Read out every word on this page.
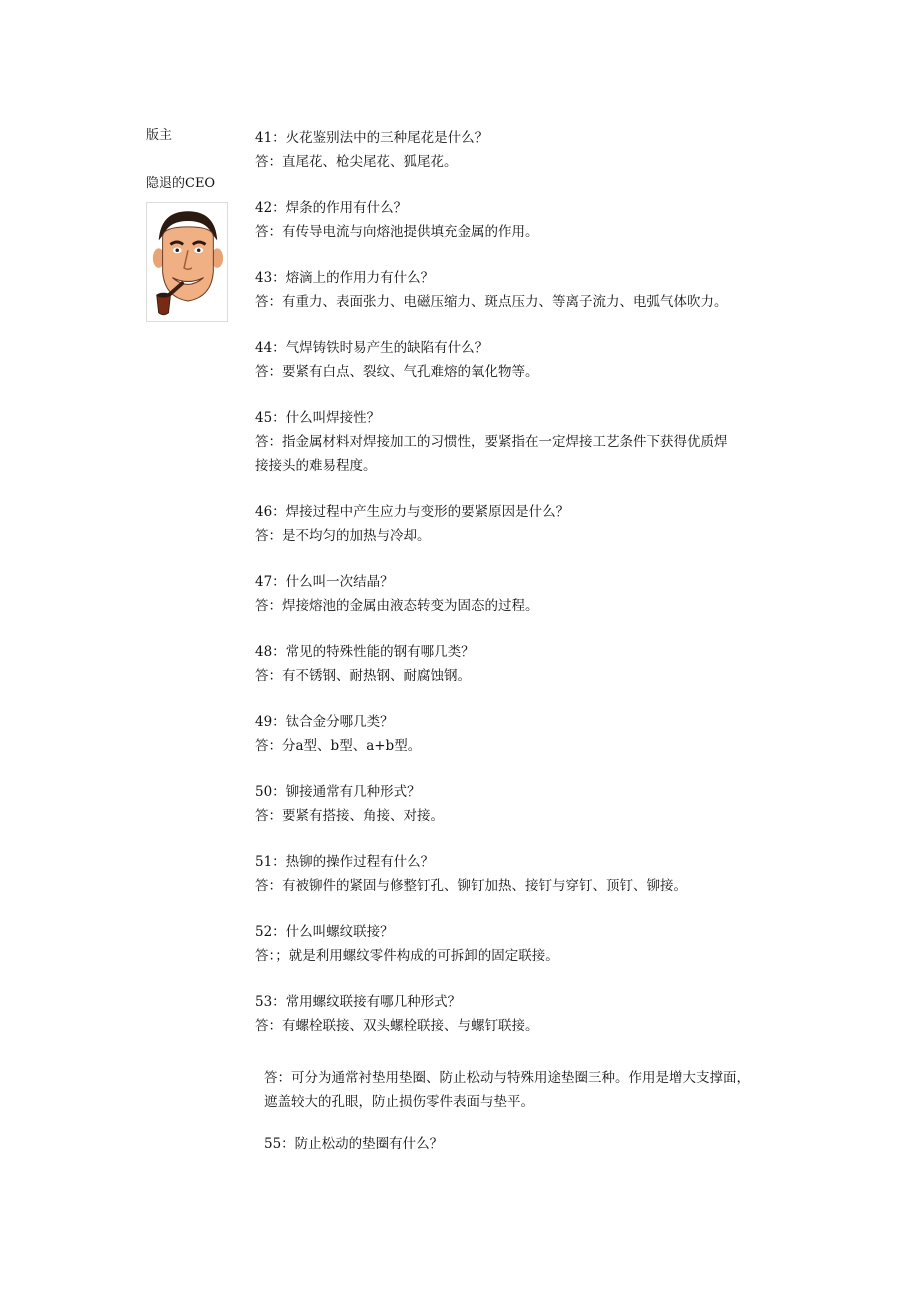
版主
隐退的CEO
41：火花鉴别法中的三种尾花是什么？
答：直尾花、枪尖尾花、狐尾花。
42：焊条的作用有什么？
答：有传导电流与向熔池提供填充金属的作用。
43：熔滴上的作用力有什么？
答：有重力、表面张力、电磁压缩力、斑点压力、等离子流力、电弧气体吹力。
44：气焊铸铁时易产生的缺陷有什么？
答：要紧有白点、裂纹、气孔难熔的氧化物等。
45：什么叫焊接性？
答：指金属材料对焊接加工的习惯性，要紧指在一定焊接工艺条件下获得优质焊
接接头的难易程度。
46：焊接过程中产生应力与变形的要紧原因是什么？
答：是不均匀的加热与冷却。
47：什么叫一次结晶？
答：焊接熔池的金属由液态转变为固态的过程。
48：常见的特殊性能的钢有哪几类？
答：有不锈钢、耐热钢、耐腐蚀钢。
49：钛合金分哪几类？
答：分a型、b型、a+b型。
50：铆接通常有几种形式？
答：要紧有搭接、角接、对接。
51：热铆的操作过程有什么？
答：有被铆件的紧固与修整钉孔、铆钉加热、接钉与穿钉、顶钉、铆接。
52：什么叫螺纹联接？
答：；就是利用螺纹零件构成的可拆卸的固定联接。
53：常用螺纹联接有哪几种形式？
答：有螺栓联接、双头螺栓联接、与螺钉联接。
答：可分为通常衬垫用垫圈、防止松动与特殊用途垫圈三种。作用是增大支撑面，
遮盖较大的孔眼，防止损伤零件表面与垫平。
55：防止松动的垫圈有什么？
